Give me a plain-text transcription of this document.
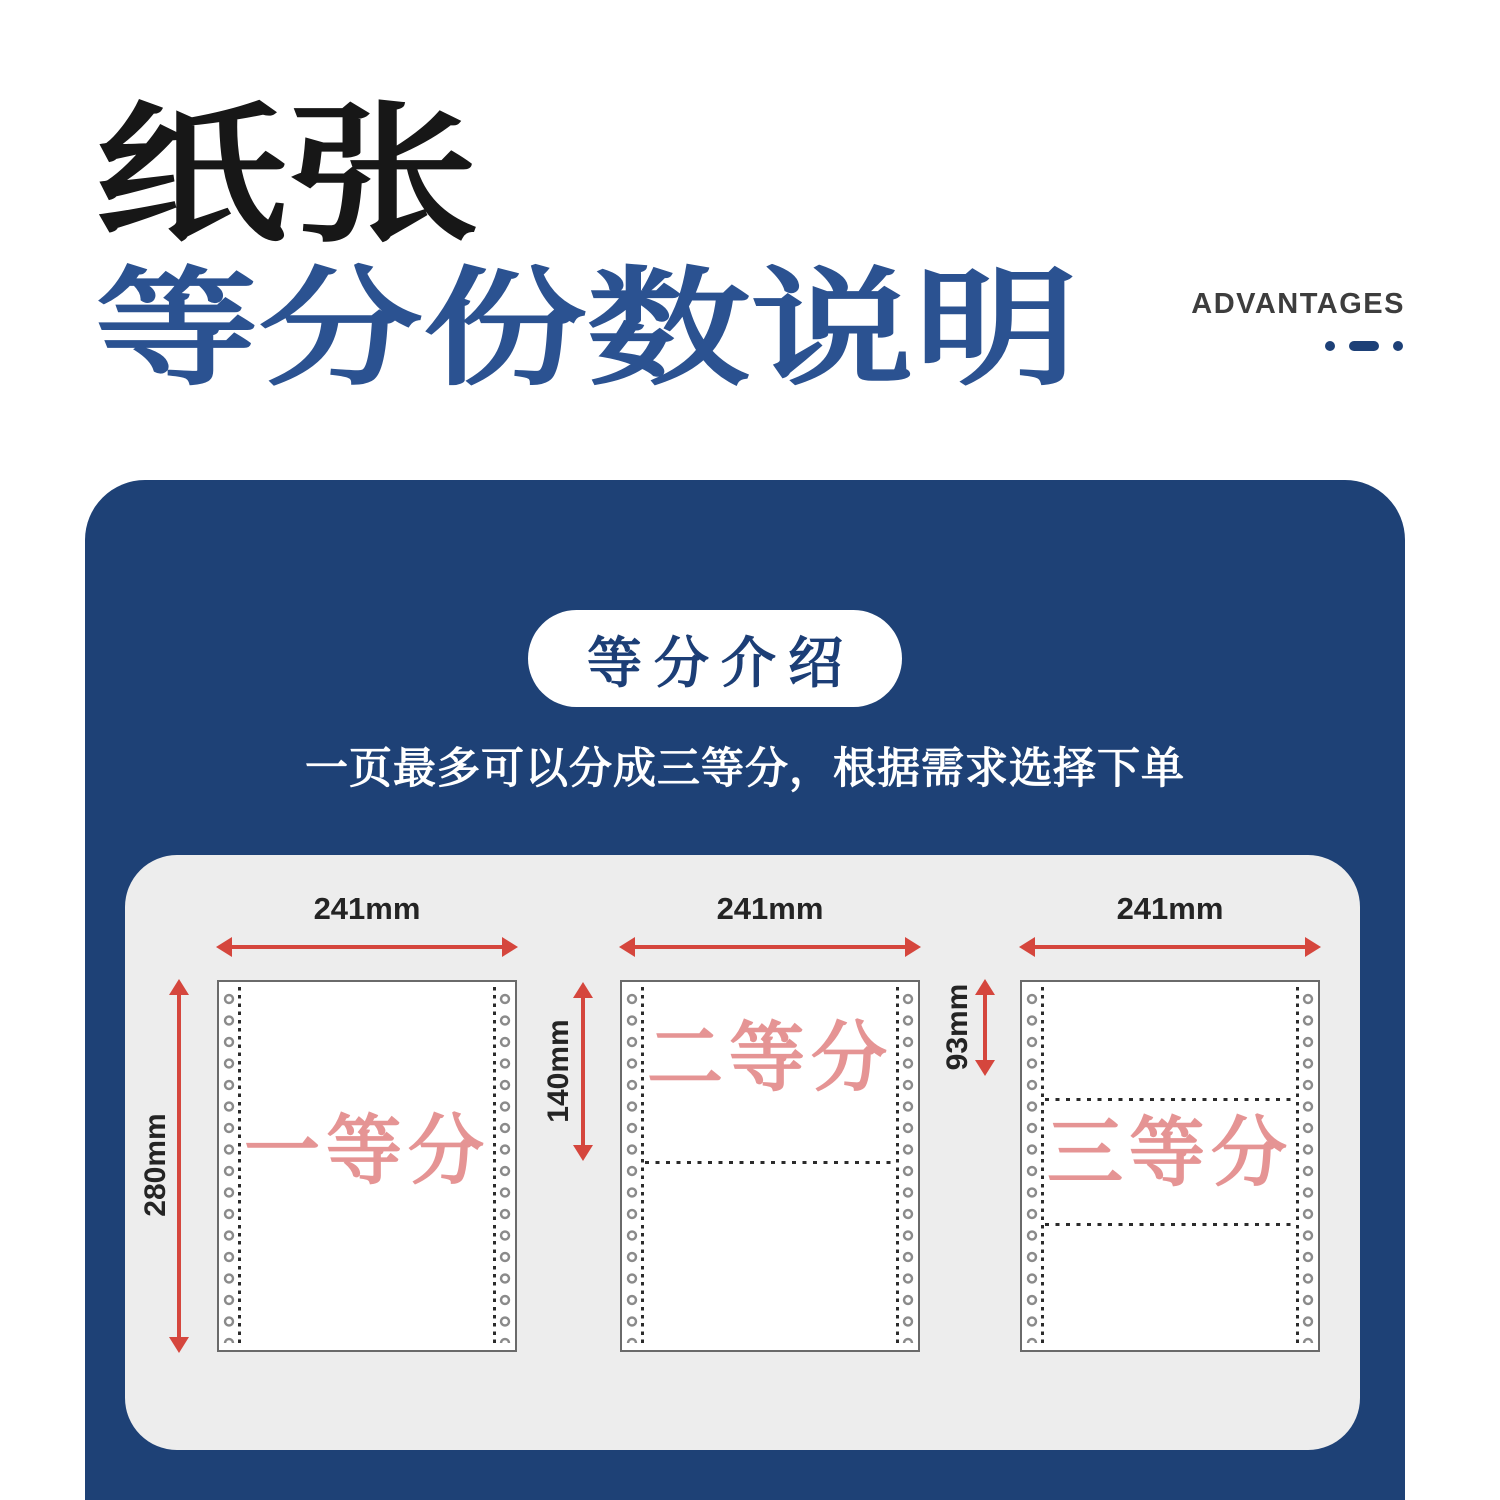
纸张
等分份数说明	ADVANTAGES
等分介绍

一页最多可以分成三等分，根据需求选择下单

241mm
280mm 一等分
241mm
140mm 二等分
241mm
93mm
三等分
